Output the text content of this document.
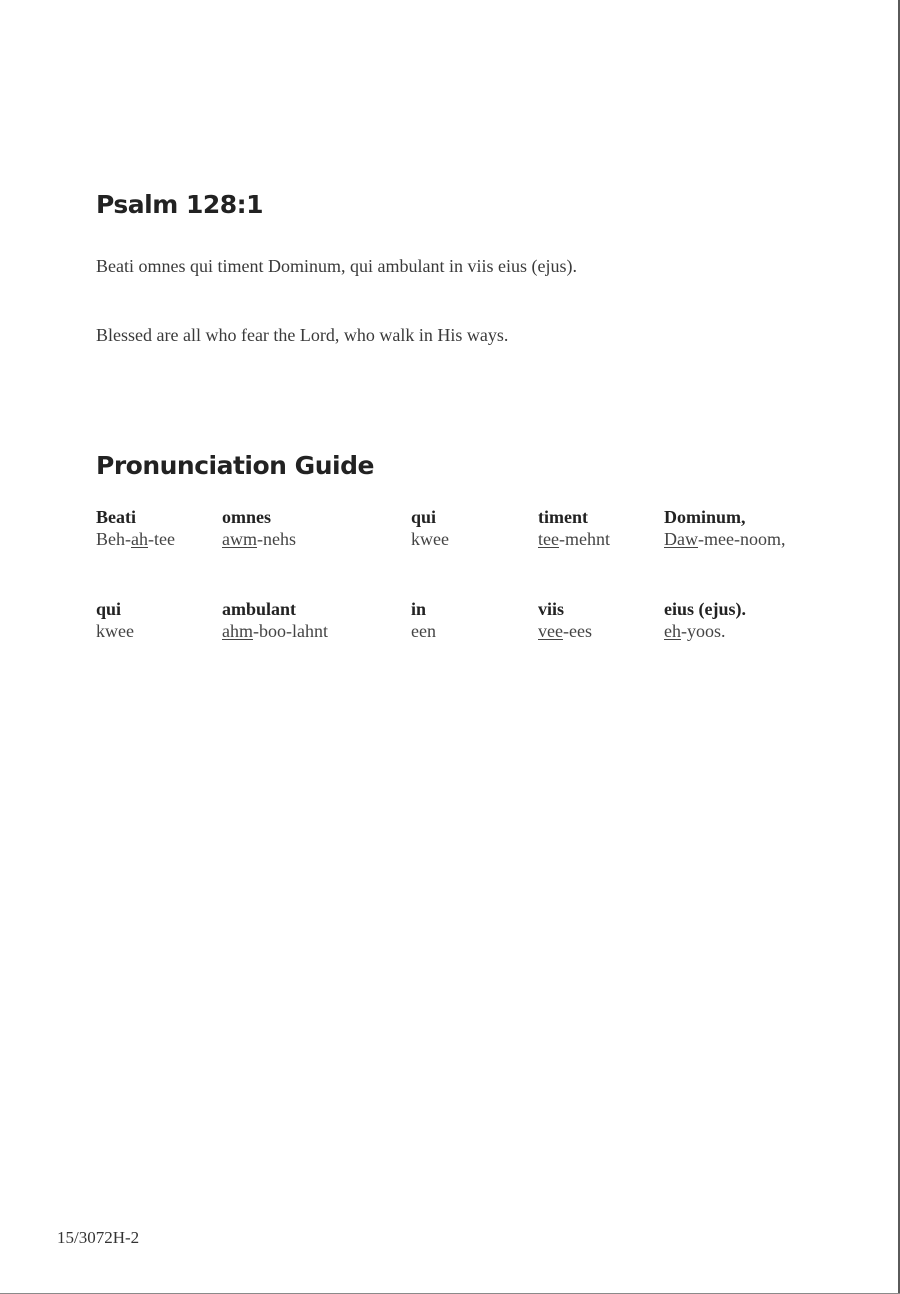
Psalm 128:1

Beati omnes qui timent Dominum, qui ambulant in viis eius (ejus).

Blessed are all who fear the Lord, who walk in His ways.

Pronunciation Guide
Beati
Beh-ah-tee
omnes
awm-nehs
qui
kwee
timent
tee-mehnt
Dominum,
Daw-mee-noom,
qui
kwee
ambulant
ahm-boo-lahnt
in
een
viis
vee-ees
eius (ejus).
eh-yoos.

15/3072H-2
